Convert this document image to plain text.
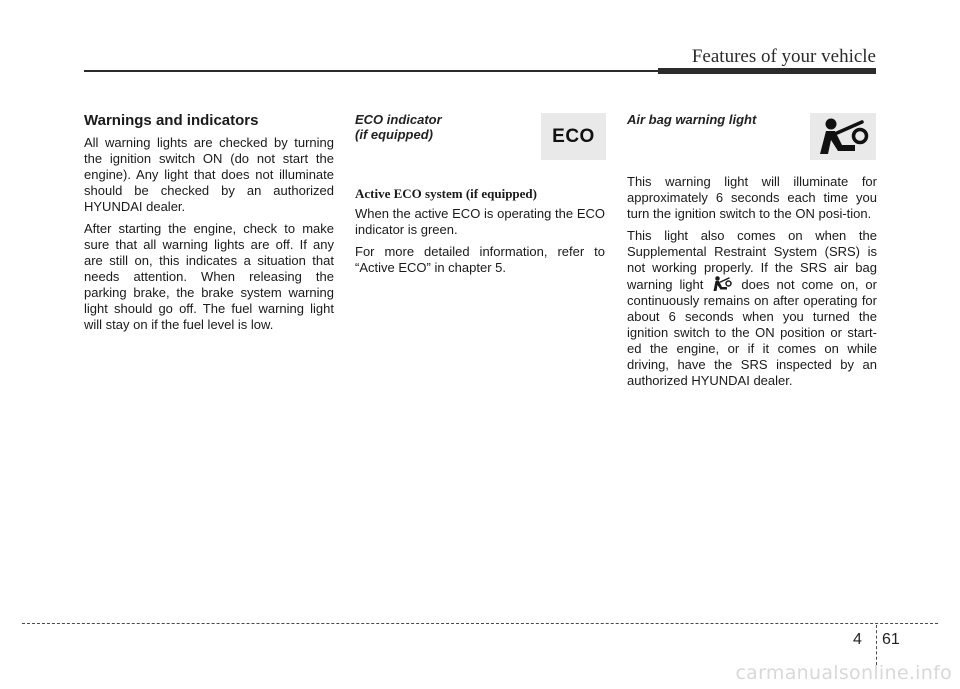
Features of your vehicle
Warnings and indicators

All warning lights are checked by turning the ignition switch ON (do not start the engine). Any light that does not illuminate should be checked by an authorized HYUNDAI dealer.

After starting the engine, check to make sure that all warning lights are off. If any are still on, this indicates a situation that needs attention. When releasing the parking brake, the brake system warning light should go off. The fuel warning light will stay on if the fuel level is low.

ECO indicator
(if equipped)
Active ECO system (if equipped)

When the active ECO is operating the ECO indicator is green.

For more detailed information, refer to “Active ECO” in chapter 5.

ECO
Air bag warning light

This warning light will illuminate for approximately 6 seconds each time you turn the ignition switch to the ON posi-tion.

This light also comes on when the Supplemental Restraint System (SRS) is not working properly. If the SRS air bag warning light	does not come on, or continuously remains on after operating for about 6 seconds when you turned the ignition switch to the ON position or start-ed the engine, or if it comes on while driving, have the SRS inspected by an authorized HYUNDAI dealer.

4 61
carmanualsonline.info
